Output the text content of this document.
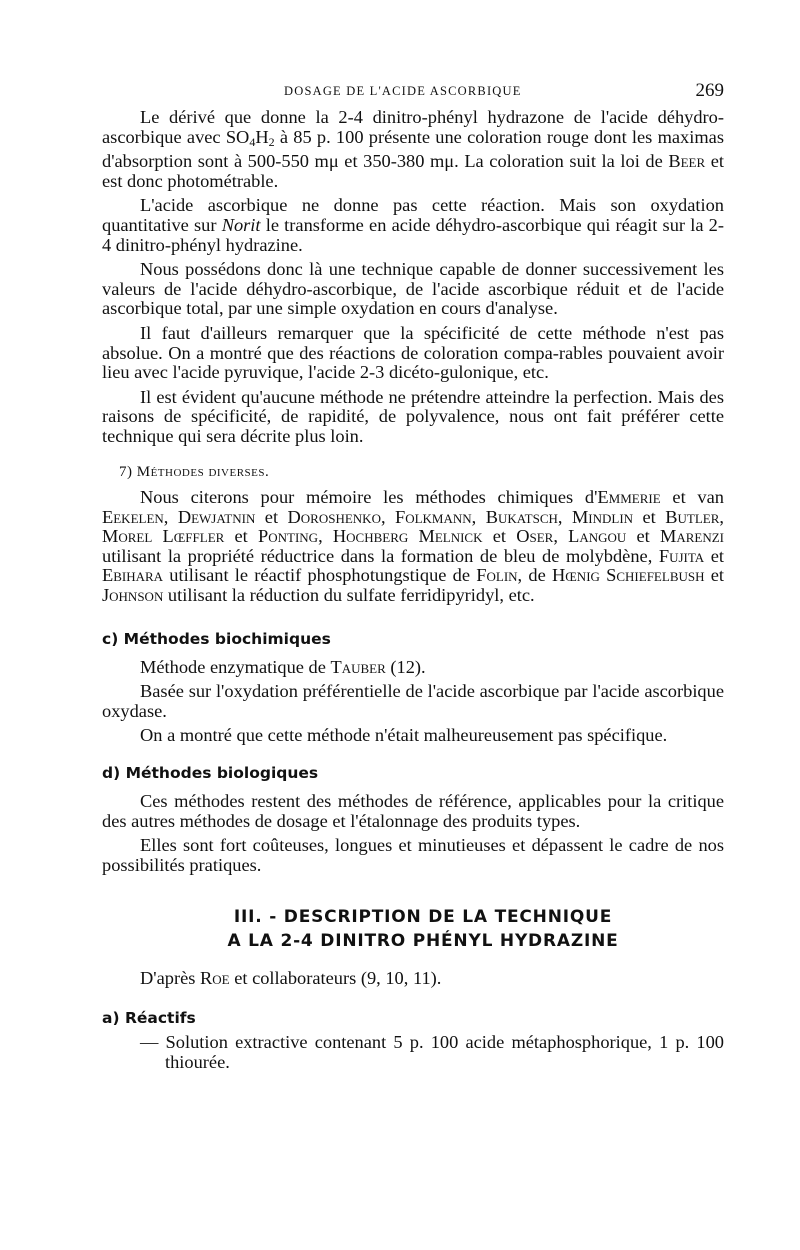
DOSAGE DE L'ACIDE ASCORBIQUE	269

Le dérivé que donne la 2-4 dinitro-phényl hydrazone de l'acide déhydro-ascorbique avec $SO_4H_2$ à 85 p. 100 présente une coloration rouge dont les maximas d'absorption sont à 500-550 mμ et 350-380 mμ. La coloration suit la loi de Beer et est donc photométrable.

L'acide ascorbique ne donne pas cette réaction. Mais son oxydation quantitative sur Norit le transforme en acide déhydro-ascorbique qui réagit sur la 2-4 dinitro-phényl hydrazine.

Nous possédons donc là une technique capable de donner successivement les valeurs de l'acide déhydro-ascorbique, de l'acide ascorbique réduit et de l'acide ascorbique total, par une simple oxydation en cours d'analyse.

Il faut d'ailleurs remarquer que la spécificité de cette méthode n'est pas absolue. On a montré que des réactions de coloration compa-rables pouvaient avoir lieu avec l'acide pyruvique, l'acide 2-3 dicéto-gulonique, etc.

Il est évident qu'aucune méthode ne prétendre atteindre la perfection. Mais des raisons de spécificité, de rapidité, de polyvalence, nous ont fait préférer cette technique qui sera décrite plus loin.

7) Méthodes diverses.

Nous citerons pour mémoire les méthodes chimiques d'Emmerie et van Eekelen, Dewjatnin et Doroshenko, Folkmann, Bukatsch, Mindlin et Butler, Morel Lœffler et Ponting, Hochberg Melnick et Oser, Langou et Marenzi utilisant la propriété réductrice dans la formation de bleu de molybdène, Fujita et Ebihara utilisant le réactif phosphotungstique de Folin, de Hœnig Schiefelbush et Johnson utilisant la réduction du sulfate ferridipyridyl, etc.

c) Méthodes biochimiques

Méthode enzymatique de Tauber (12).

Basée sur l'oxydation préférentielle de l'acide ascorbique par l'acide ascorbique oxydase.

On a montré que cette méthode n'était malheureusement pas spécifique.

d) Méthodes biologiques

Ces méthodes restent des méthodes de référence, applicables pour la critique des autres méthodes de dosage et l'étalonnage des produits types.

Elles sont fort coûteuses, longues et minutieuses et dépassent le cadre de nos possibilités pratiques.

III. - DESCRIPTION DE LA TECHNIQUE
A LA 2-4 DINITRO PHÉNYL HYDRAZINE

D'après Roe et collaborateurs (9, 10, 11).

a) Réactifs

— Solution extractive contenant 5 p. 100 acide métaphosphorique, 1 p. 100 thiourée.
